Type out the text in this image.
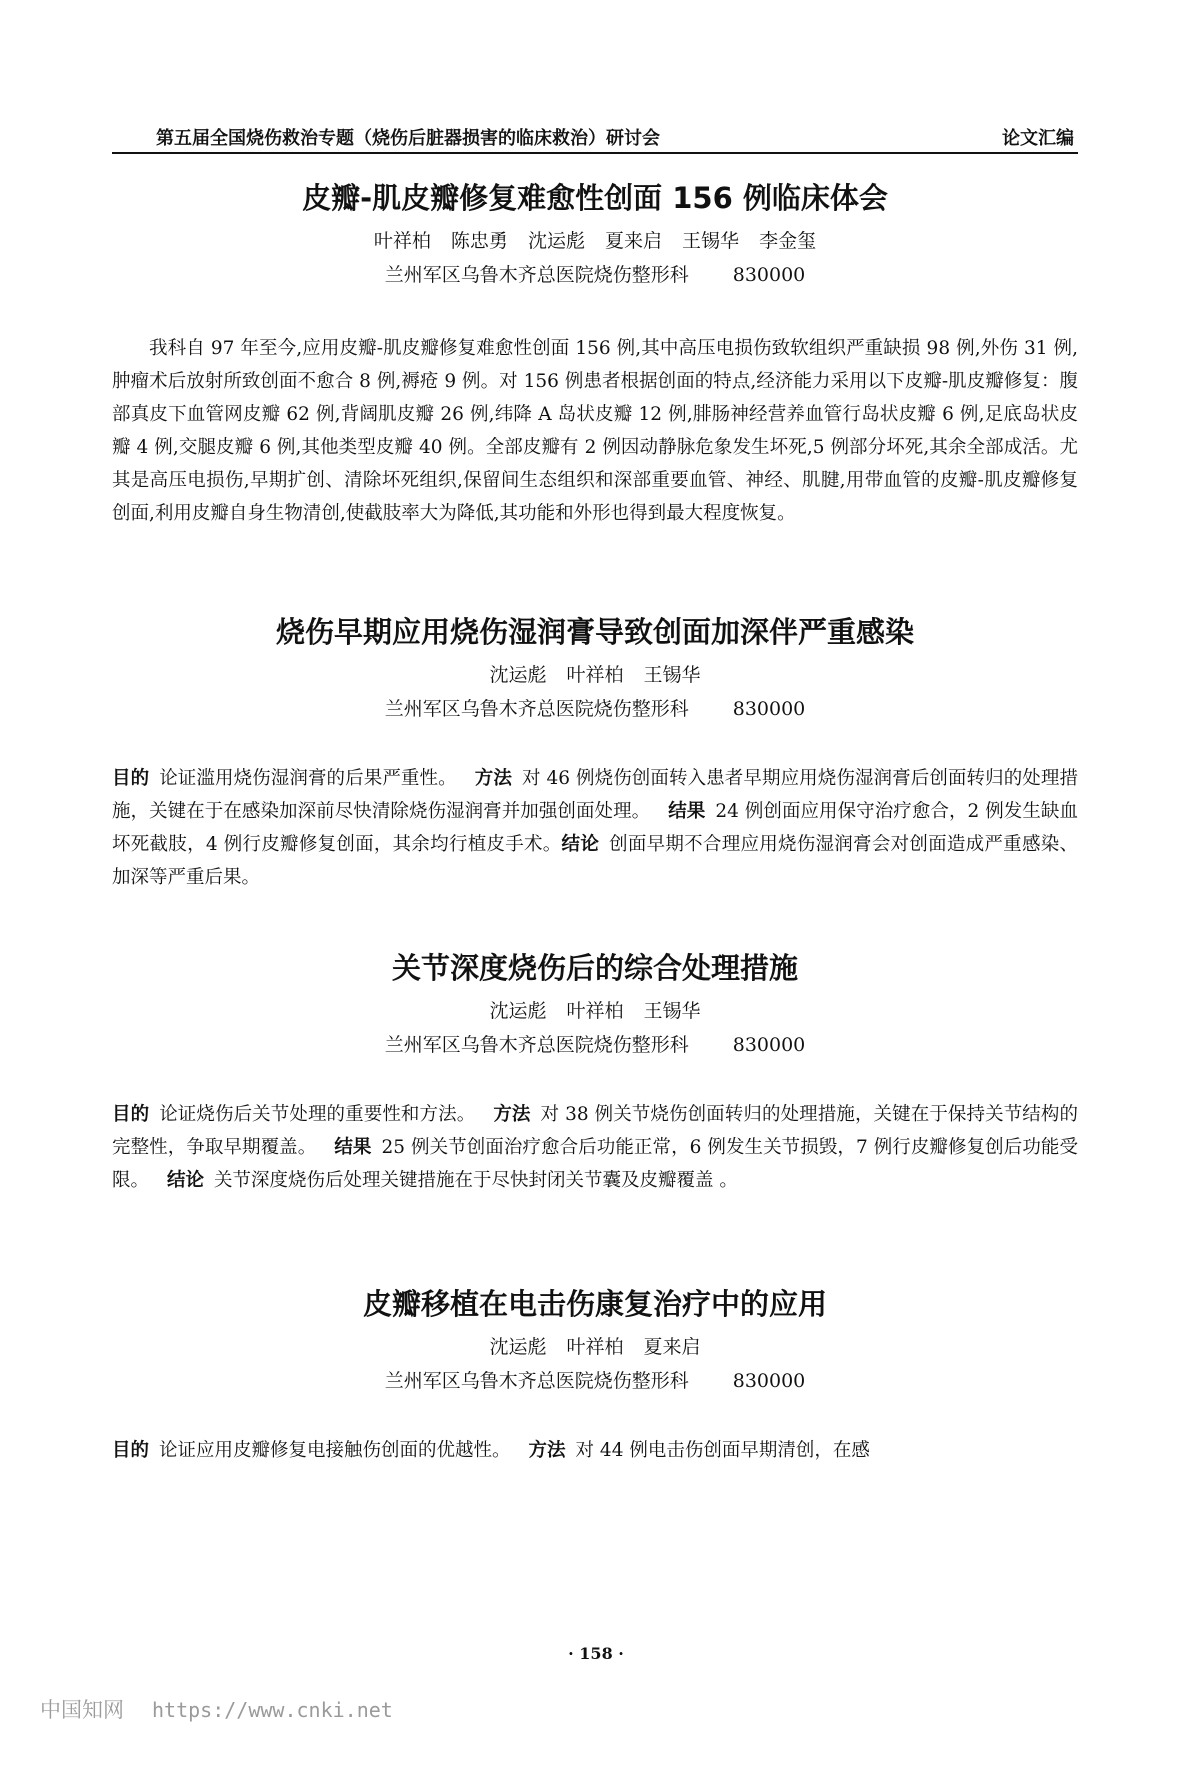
第五届全国烧伤救治专题（烧伤后脏器损害的临床救治）研讨会	论文汇编
皮瓣-肌皮瓣修复难愈性创面 156 例临床体会
叶祥柏 陈忠勇 沈运彪 夏来启 王锡华 李金玺
兰州军区乌鲁木齐总医院烧伤整形科 830000

我科自 97 年至今,应用皮瓣-肌皮瓣修复难愈性创面 156 例,其中高压电损伤致软组织严重缺损 98 例,外伤 31 例,肿瘤术后放射所致创面不愈合 8 例,褥疮 9 例。对 156 例患者根据创面的特点,经济能力采用以下皮瓣-肌皮瓣修复：腹部真皮下血管网皮瓣 62 例,背阔肌皮瓣 26 例,纬降 A 岛状皮瓣 12 例,腓肠神经营养血管行岛状皮瓣 6 例,足底岛状皮瓣 4 例,交腿皮瓣 6 例,其他类型皮瓣 40 例。全部皮瓣有 2 例因动静脉危象发生坏死,5 例部分坏死,其余全部成活。尤其是高压电损伤,早期扩创、清除坏死组织,保留间生态组织和深部重要血管、神经、肌腱,用带血管的皮瓣-肌皮瓣修复创面,利用皮瓣自身生物清创,使截肢率大为降低,其功能和外形也得到最大程度恢复。

烧伤早期应用烧伤湿润膏导致创面加深伴严重感染
沈运彪 叶祥柏 王锡华
兰州军区乌鲁木齐总医院烧伤整形科 830000

目的 论证滥用烧伤湿润膏的后果严重性。 方法 对 46 例烧伤创面转入患者早期应用烧伤湿润膏后创面转归的处理措施，关键在于在感染加深前尽快清除烧伤湿润膏并加强创面处理。 结果 24 例创面应用保守治疗愈合，2 例发生缺血坏死截肢，4 例行皮瓣修复创面，其余均行植皮手术。结论 创面早期不合理应用烧伤湿润膏会对创面造成严重感染、加深等严重后果。

关节深度烧伤后的综合处理措施
沈运彪 叶祥柏 王锡华
兰州军区乌鲁木齐总医院烧伤整形科 830000

目的 论证烧伤后关节处理的重要性和方法。 方法 对 38 例关节烧伤创面转归的处理措施，关键在于保持关节结构的完整性，争取早期覆盖。 结果 25 例关节创面治疗愈合后功能正常，6 例发生关节损毁，7 例行皮瓣修复创后功能受限。 结论 关节深度烧伤后处理关键措施在于尽快封闭关节囊及皮瓣覆盖 。

皮瓣移植在电击伤康复治疗中的应用
沈运彪 叶祥柏 夏来启
兰州军区乌鲁木齐总医院烧伤整形科 830000

目的 论证应用皮瓣修复电接触伤创面的优越性。 方法 对 44 例电击伤创面早期清创，在感

· 158 ·
中国知网 https://www.cnki.net
